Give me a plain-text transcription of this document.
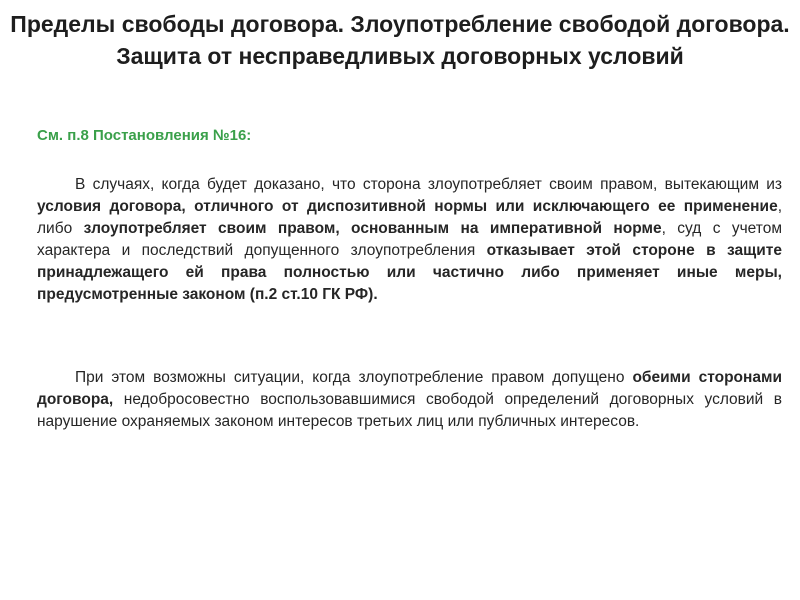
Пределы свободы договора. Злоупотребление свободой договора. Защита от несправедливых договорных условий
См. п.8 Постановления №16:
В случаях, когда будет доказано, что сторона злоупотребляет своим правом, вытекающим из условия договора, отличного от диспозитивной нормы или исключающего ее применение, либо злоупотребляет своим правом, основанным на императивной норме, суд с учетом характера и последствий допущенного злоупотребления отказывает этой стороне в защите принадлежащего ей права полностью или частично либо применяет иные меры, предусмотренные законом (п.2 ст.10 ГК РФ).
При этом возможны ситуации, когда злоупотребление правом допущено обеими сторонами договора, недобросовестно воспользовавшимися свободой определений договорных условий в нарушение охраняемых законом интересов третьих лиц или публичных интересов.
